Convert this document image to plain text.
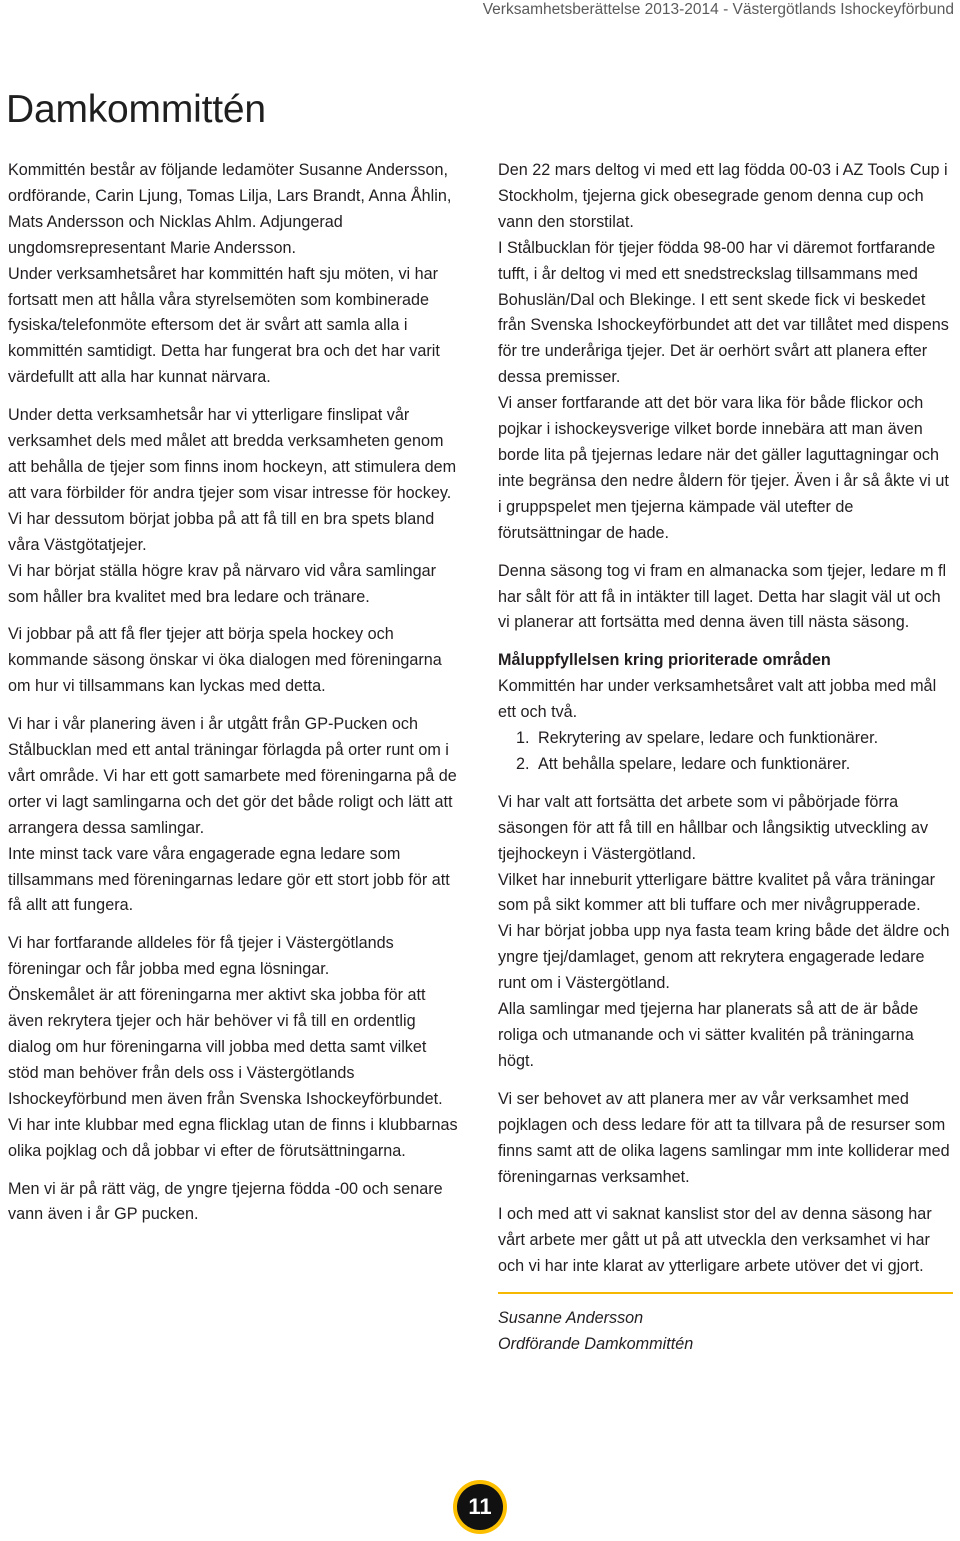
Verksamhetsberättelse 2013-2014 - Västergötlands Ishockeyförbund
Damkommittén

Kommittén består av följande ledamöter Susanne Andersson, ordförande, Carin Ljung, Tomas Lilja, Lars Brandt, Anna Åhlin, Mats Andersson och Nicklas Ahlm. Adjungerad ungdomsrepresentant Marie Andersson.
Under verksamhetsåret har kommittén haft sju möten, vi har fortsatt men att hålla våra styrelsemöten som kombinerade fysiska/telefonmöte eftersom det är svårt att samla alla i kommittén samtidigt. Detta har fungerat bra och det har varit värdefullt att alla har kunnat närvara.

Under detta verksamhetsår har vi ytterligare finslipat vår verksamhet dels med målet att bredda verksamheten genom att behålla de tjejer som finns inom hockeyn, att stimulera dem att vara förbilder för andra tjejer som visar intresse för hockey. Vi har dessutom börjat jobba på att få till en bra spets bland våra Västgötatjejer.
Vi har börjat ställa högre krav på närvaro vid våra samlingar som håller bra kvalitet med bra ledare och tränare.

Vi jobbar på att få fler tjejer att börja spela hockey och kommande säsong önskar vi öka dialogen med föreningarna om hur vi tillsammans kan lyckas med detta.

Vi har i vår planering även i år utgått från GP-Pucken och Stålbucklan med ett antal träningar förlagda på orter runt om i vårt område. Vi har ett gott samarbete med föreningarna på de orter vi lagt samlingarna och det gör det både roligt och lätt att arrangera dessa samlingar.
Inte minst tack vare våra engagerade egna ledare som tillsammans med föreningarnas ledare gör ett stort jobb för att få allt att fungera.

Vi har fortfarande alldeles för få tjejer i Västergötlands föreningar och får jobba med egna lösningar.
Önskemålet är att föreningarna mer aktivt ska jobba för att även rekrytera tjejer och här behöver vi få till en ordentlig dialog om hur föreningarna vill jobba med detta samt vilket stöd man behöver från dels oss i Västergötlands Ishockeyförbund men även från Svenska Ishockeyförbundet.
Vi har inte klubbar med egna flicklag utan de finns i klubbarnas olika pojklag och då jobbar vi efter de förutsättningarna.

Men vi är på rätt väg, de yngre tjejerna födda -00 och senare vann även i år GP pucken.

Den 22 mars deltog vi med ett lag födda 00-03 i AZ Tools Cup i Stockholm, tjejerna gick obesegrade genom denna cup och vann den storstilat.
I Stålbucklan för tjejer födda 98-00 har vi däremot fortfarande tufft, i år deltog vi med ett snedstreckslag tillsammans med Bohuslän/Dal och Blekinge. I ett sent skede fick vi beskedet från Svenska Ishockeyförbundet att det var tillåtet med dispens för tre underåriga tjejer. Det är oerhört svårt att planera efter dessa premisser.
Vi anser fortfarande att det bör vara lika för både flickor och pojkar i ishockeysverige vilket borde innebära att man även borde lita på tjejernas ledare när det gäller laguttagningar och inte begränsa den nedre åldern för tjejer. Även i år så åkte vi ut i gruppspelet men tjejerna kämpade väl utefter de förutsättningar de hade.

Denna säsong tog vi fram en almanacka som tjejer, ledare m fl har sålt för att få in intäkter till laget. Detta har slagit väl ut och vi planerar att fortsätta med denna även till nästa säsong.

Måluppfyllelsen kring prioriterade områden
Kommittén har under verksamhetsåret valt att jobba med mål ett och två.

1. Rekrytering av spelare, ledare och funktionärer.
2. Att behålla spelare, ledare och funktionärer.

Vi har valt att fortsätta det arbete som vi påbörjade förra säsongen för att få till en hållbar och långsiktig utveckling av tjejhockeyn i Västergötland.
Vilket har inneburit ytterligare bättre kvalitet på våra träningar som på sikt kommer att bli tuffare och mer nivågrupperade.
Vi har börjat jobba upp nya fasta team kring både det äldre och yngre tjej/damlaget, genom att rekrytera engagerade ledare runt om i Västergötland.
Alla samlingar med tjejerna har planerats så att de är både roliga och utmanande och vi sätter kvalitén på träningarna högt.

Vi ser behovet av att planera mer av vår verksamhet med pojklagen och dess ledare för att ta tillvara på de resurser som finns samt att de olika lagens samlingar mm inte kolliderar med föreningarnas verksamhet.

I och med att vi saknat kanslist stor del av denna säsong har vårt arbete mer gått ut på att utveckla den verksamhet vi har och vi har inte klarat av ytterligare arbete utöver det vi gjort.

Susanne Andersson
Ordförande Damkommittén
11
